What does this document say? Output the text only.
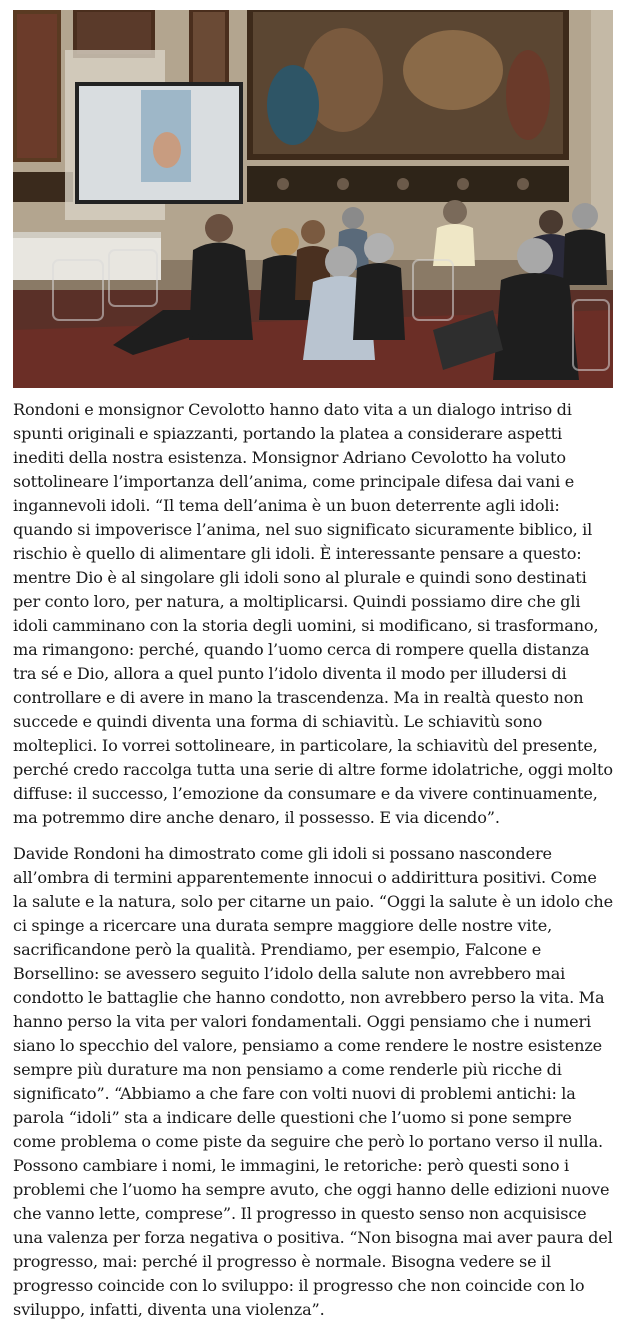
Rondoni e monsignor Cevolotto hanno dato vita a un dialogo intriso di spunti originali e spiazzanti, portando la platea a considerare aspetti inediti della nostra esistenza. Monsignor Adriano Cevolotto ha voluto sottolineare l’importanza dell’anima, come principale difesa dai vani e ingannevoli idoli. “Il tema dell’anima è un buon deterrente agli idoli: quando si impoverisce l’anima, nel suo significato sicuramente biblico, il rischio è quello di alimentare gli idoli. È interessante pensare a questo: mentre Dio è al singolare gli idoli sono al plurale e quindi sono destinati per conto loro, per natura, a moltiplicarsi. Quindi possiamo dire che gli idoli camminano con la storia degli uomini, si modificano, si trasformano, ma rimangono: perché, quando l’uomo cerca di rompere quella distanza tra sé e Dio, allora a quel punto l’idolo diventa il modo per illudersi di controllare e di avere in mano la trascendenza. Ma in realtà questo non succede e quindi diventa una forma di schiavitù. Le schiavitù sono molteplici. Io vorrei sottolineare, in particolare, la schiavitù del presente, perché credo raccolga tutta una serie di altre forme idolatriche, oggi molto diffuse: il successo, l’emozione da consumare e da vivere continuamente, ma potremmo dire anche denaro, il possesso. E via dicendo”.

Davide Rondoni ha dimostrato come gli idoli si possano nascondere all’ombra di termini apparentemente innocui o addirittura positivi. Come la salute e la natura, solo per citarne un paio. “Oggi la salute è un idolo che ci spinge a ricercare una durata sempre maggiore delle nostre vite, sacrificandone però la qualità. Prendiamo, per esempio, Falcone e Borsellino: se avessero seguito l’idolo della salute non avrebbero mai condotto le battaglie che hanno condotto, non avrebbero perso la vita. Ma hanno perso la vita per valori fondamentali. Oggi pensiamo che i numeri siano lo specchio del valore, pensiamo a come rendere le nostre esistenze sempre più durature ma non pensiamo a come renderle più ricche di significato”. “Abbiamo a che fare con volti nuovi di problemi antichi: la parola “idoli” sta a indicare delle questioni che l’uomo si pone sempre come problema o come piste da seguire che però lo portano verso il nulla. Possono cambiare i nomi, le immagini, le retoriche: però questi sono i problemi che l’uomo ha sempre avuto, che oggi hanno delle edizioni nuove che vanno lette, comprese”. Il progresso in questo senso non acquisisce una valenza per forza negativa o positiva. “Non bisogna mai aver paura del progresso, mai: perché il progresso è normale. Bisogna vedere se il progresso coincide con lo sviluppo: il progresso che non coincide con lo sviluppo, infatti, diventa una violenza”.
